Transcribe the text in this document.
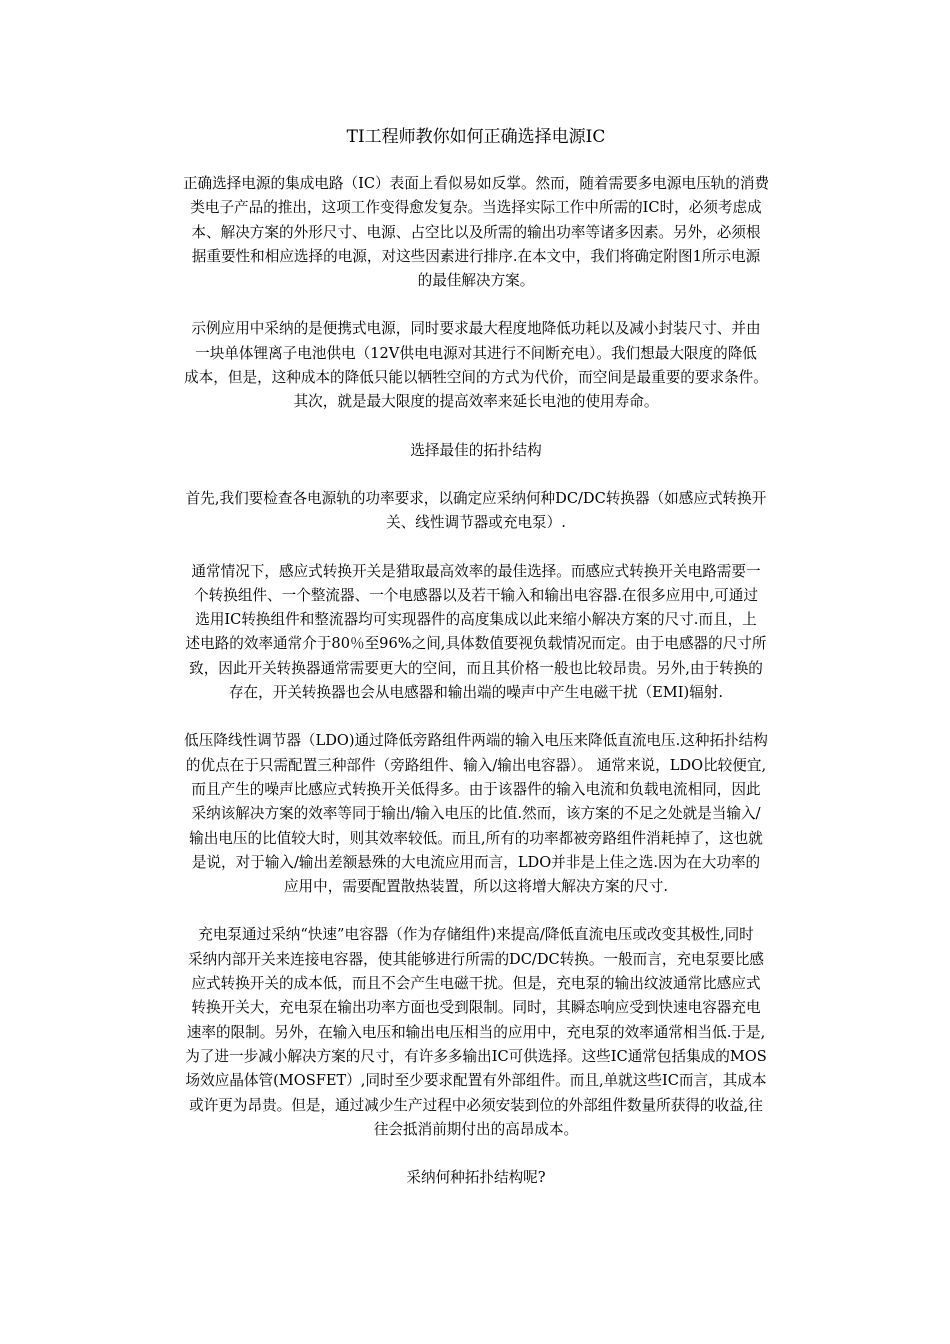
TI工程师教你如何正确选择电源IC

正确选择电源的集成电路（IC）表面上看似易如反掌。然而，随着需要多电源电压轨的消费
类电子产品的推出，这项工作变得愈发复杂。当选择实际工作中所需的IC时，必须考虑成
本、解决方案的外形尺寸、电源、占空比以及所需的输出功率等诸多因素。另外，必须根
据重要性和相应选择的电源，对这些因素进行排序.在本文中，我们将确定附图1所示电源
的最佳解决方案。

示例应用中采纳的是便携式电源，同时要求最大程度地降低功耗以及减小封装尺寸、并由
一块单体锂离子电池供电（12V供电电源对其进行不间断充电）。我们想最大限度的降低
成本，但是，这种成本的降低只能以牺牲空间的方式为代价，而空间是最重要的要求条件。
其次，就是最大限度的提高效率来延长电池的使用寿命。

选择最佳的拓扑结构

首先,我们要检查各电源轨的功率要求，以确定应采纳何种DC/DC转换器（如感应式转换开
关、线性调节器或充电泵）.

通常情况下，感应式转换开关是猎取最高效率的最佳选择。而感应式转换开关电路需要一
个转换组件、一个整流器、一个电感器以及若干输入和输出电容器.在很多应用中,可通过
选用IC转换组件和整流器均可实现器件的高度集成以此来缩小解决方案的尺寸.而且，上
述电路的效率通常介于80％至96%之间,具体数值要视负载情况而定。由于电感器的尺寸所
致，因此开关转换器通常需要更大的空间，而且其价格一般也比较昂贵。另外,由于转换的
存在，开关转换器也会从电感器和输出端的噪声中产生电磁干扰（EMI)辐射.

低压降线性调节器（LDO)通过降低旁路组件两端的输入电压来降低直流电压.这种拓扑结构
的优点在于只需配置三种部件（旁路组件、输入/输出电容器）。 通常来说，LDO比较便宜,
而且产生的噪声比感应式转换开关低得多。由于该器件的输入电流和负载电流相同，因此
采纳该解决方案的效率等同于输出/输入电压的比值.然而，该方案的不足之处就是当输入/
输出电压的比值较大时，则其效率较低。而且,所有的功率都被旁路组件消耗掉了，这也就
是说，对于输入/输出差额悬殊的大电流应用而言，LDO并非是上佳之选.因为在大功率的
应用中，需要配置散热装置，所以这将增大解决方案的尺寸.

充电泵通过采纳“快速”电容器（作为存储组件)来提高/降低直流电压或改变其极性,同时
采纳内部开关来连接电容器，使其能够进行所需的DC/DC转换。一般而言，充电泵要比感
应式转换开关的成本低，而且不会产生电磁干扰。但是，充电泵的输出纹波通常比感应式
转换开关大，充电泵在输出功率方面也受到限制。同时，其瞬态响应受到快速电容器充电
速率的限制。另外，在输入电压和输出电压相当的应用中，充电泵的效率通常相当低.于是,
为了进一步减小解决方案的尺寸，有许多多输出IC可供选择。这些IC通常包括集成的MOS
场效应晶体管(MOSFET）,同时至少要求配置有外部组件。而且,单就这些IC而言，其成本
或许更为昂贵。但是，通过减少生产过程中必须安装到位的外部组件数量所获得的收益,往
往会抵消前期付出的高昂成本。

采纳何种拓扑结构呢?
